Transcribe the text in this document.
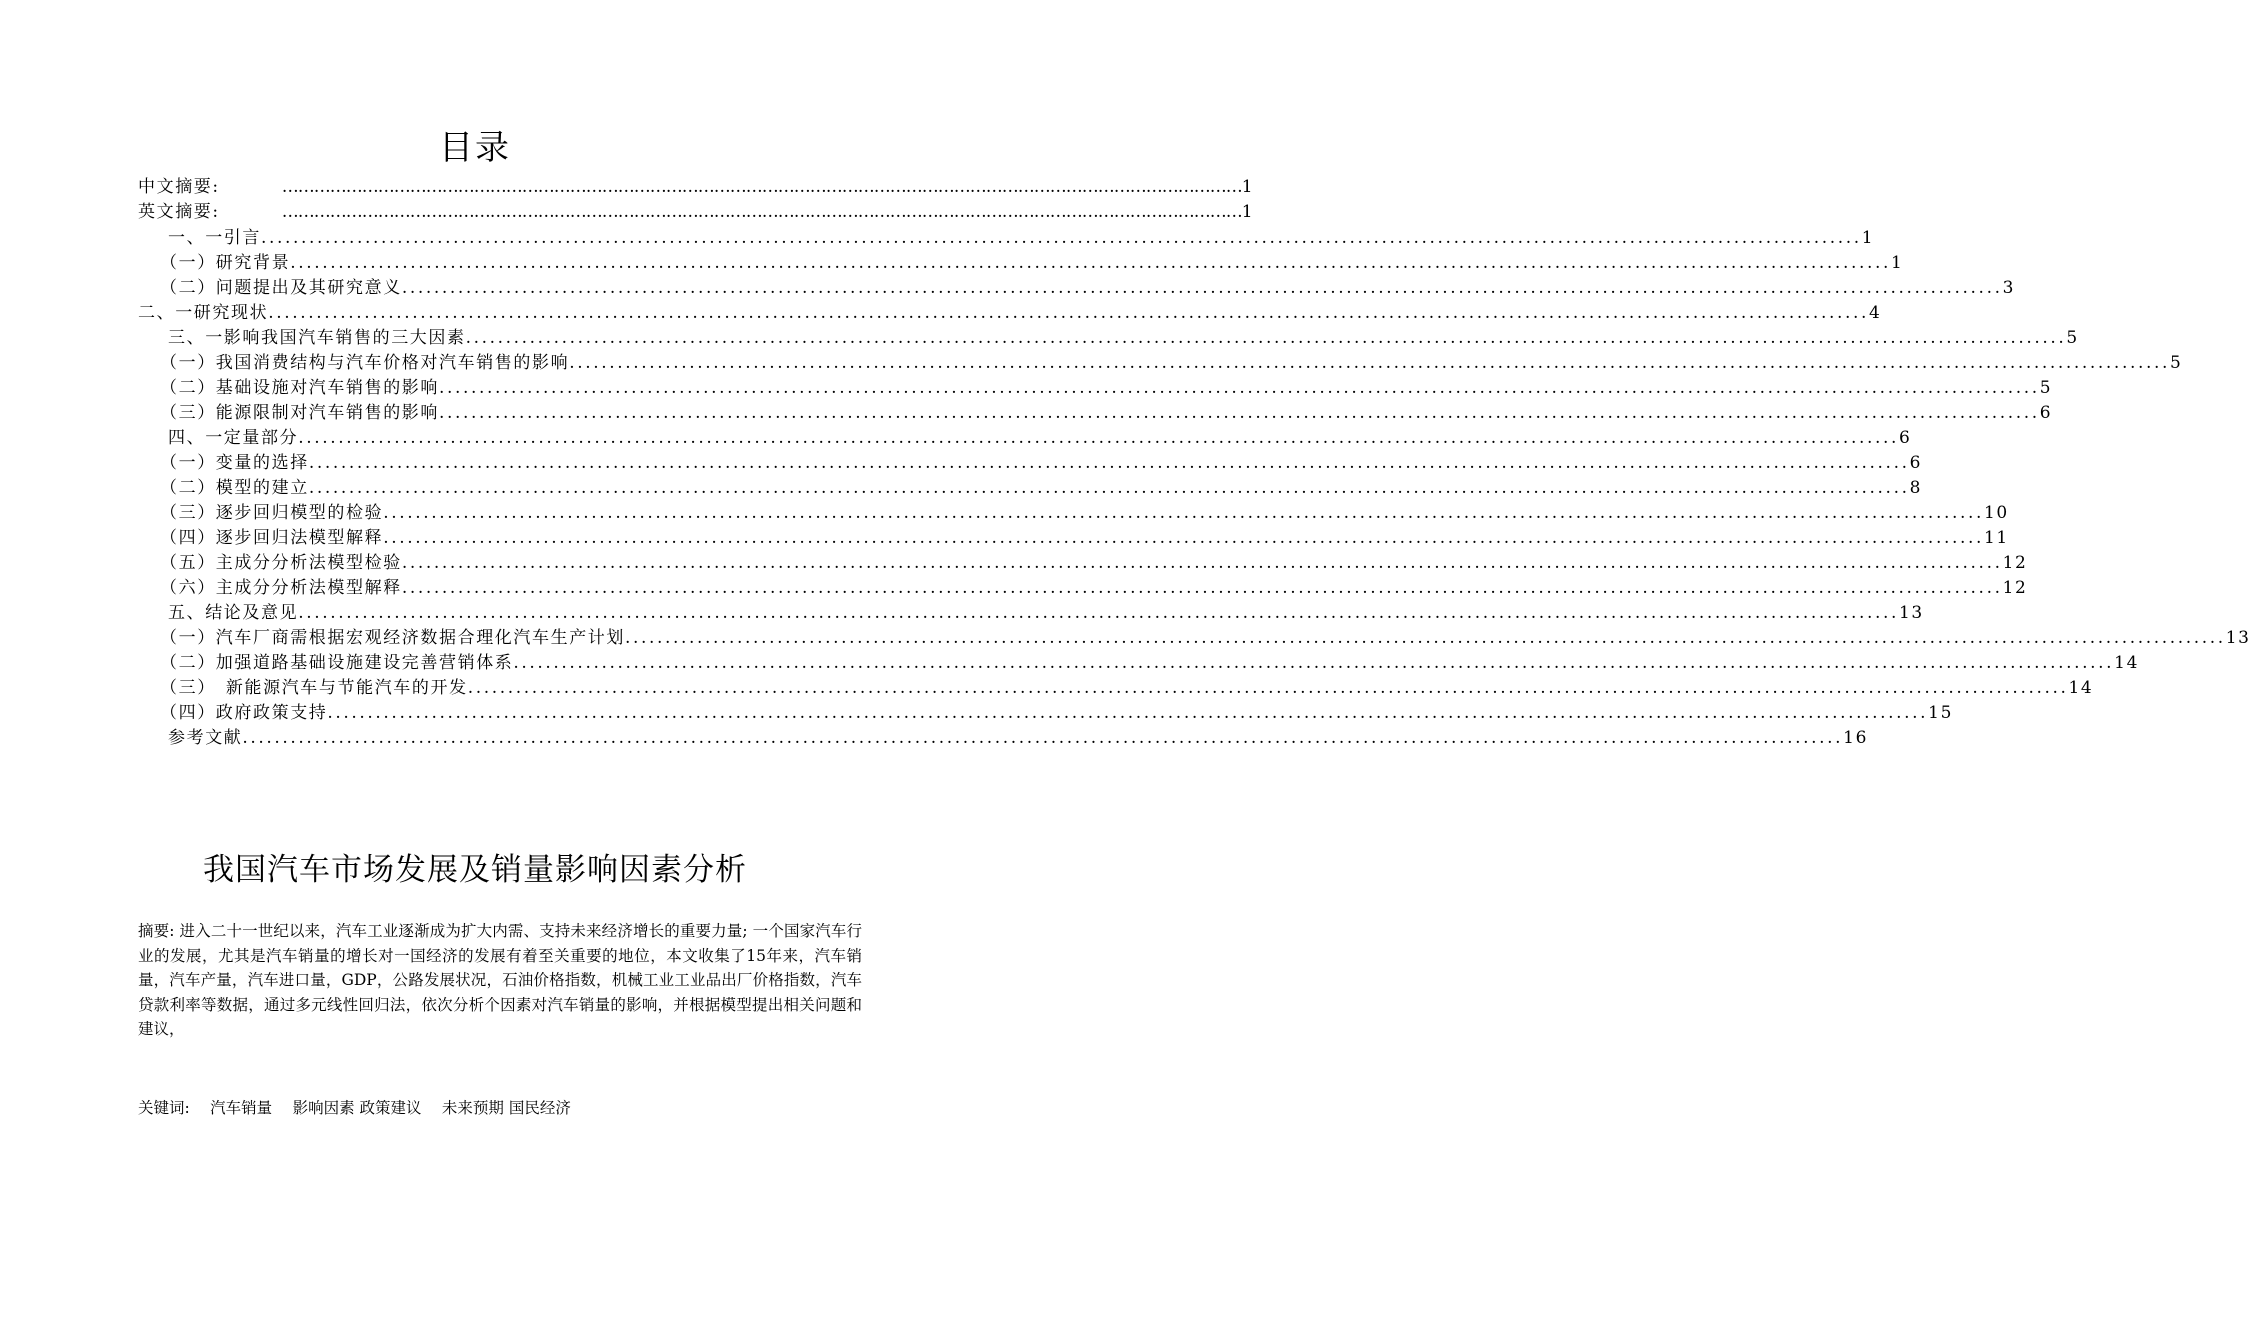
目录
中文摘要:	……………………………………………………………………………………………………………………………………………………………… 1
英文摘要:	……………………………………………………………………………………………………………………………………………………………… 1
一、一引言 ........................................................................................................................................................................................................ 1
（一）研究背景 ........................................................................................................................................................................................................ 1
（二）问题提出及其研究意义 ........................................................................................................................................................................................................ 3
二、一研究现状 ........................................................................................................................................................................................................ 4
三、一影响我国汽车销售的三大因素 ........................................................................................................................................................................................................ 5
（一）我国消费结构与汽车价格对汽车销售的影响 ........................................................................................................................................................................................................ 5
（二）基础设施对汽车销售的影响 ........................................................................................................................................................................................................ 5
（三）能源限制对汽车销售的影响 ........................................................................................................................................................................................................ 6
四、一定量部分 ........................................................................................................................................................................................................ 6
（一）变量的选择 ........................................................................................................................................................................................................ 6
（二）模型的建立 ........................................................................................................................................................................................................ 8
（三）逐步回归模型的检验 ........................................................................................................................................................................................................ 10
（四）逐步回归法模型解释 ........................................................................................................................................................................................................ 11
（五）主成分分析法模型检验 ........................................................................................................................................................................................................ 12
（六）主成分分析法模型解释 ........................................................................................................................................................................................................ 12
五、结论及意见 ........................................................................................................................................................................................................ 13
（一）汽车厂商需根据宏观经济数据合理化汽车生产计划 ........................................................................................................................................................................................................ 13
（二）加强道路基础设施建设完善营销体系 ........................................................................................................................................................................................................ 14
（三）　新能源汽车与节能汽车的开发 ........................................................................................................................................................................................................ 14
（四）政府政策支持 ........................................................................................................................................................................................................ 15
参考文献 ........................................................................................................................................................................................................ 16
我国汽车市场发展及销量影响因素分析
摘要: 进入二十一世纪以来，汽车工业逐渐成为扩大内需、支持未来经济增长的重要力量; 一个国家汽车行业的发展，尤其是汽车销量的增长对一国经济的发展有着至关重要的地位，本文收集了15年来，汽车销量，汽车产量，汽车进口量，GDP，公路发展状况，石油价格指数，机械工业工业品出厂价格指数，汽车贷款利率等数据，通过多元线性回归法，依次分析个因素对汽车销量的影响，并根据模型提出相关问题和建议，
关键词:　 汽车销量　 影响因素 政策建议　 未来预期 国民经济
